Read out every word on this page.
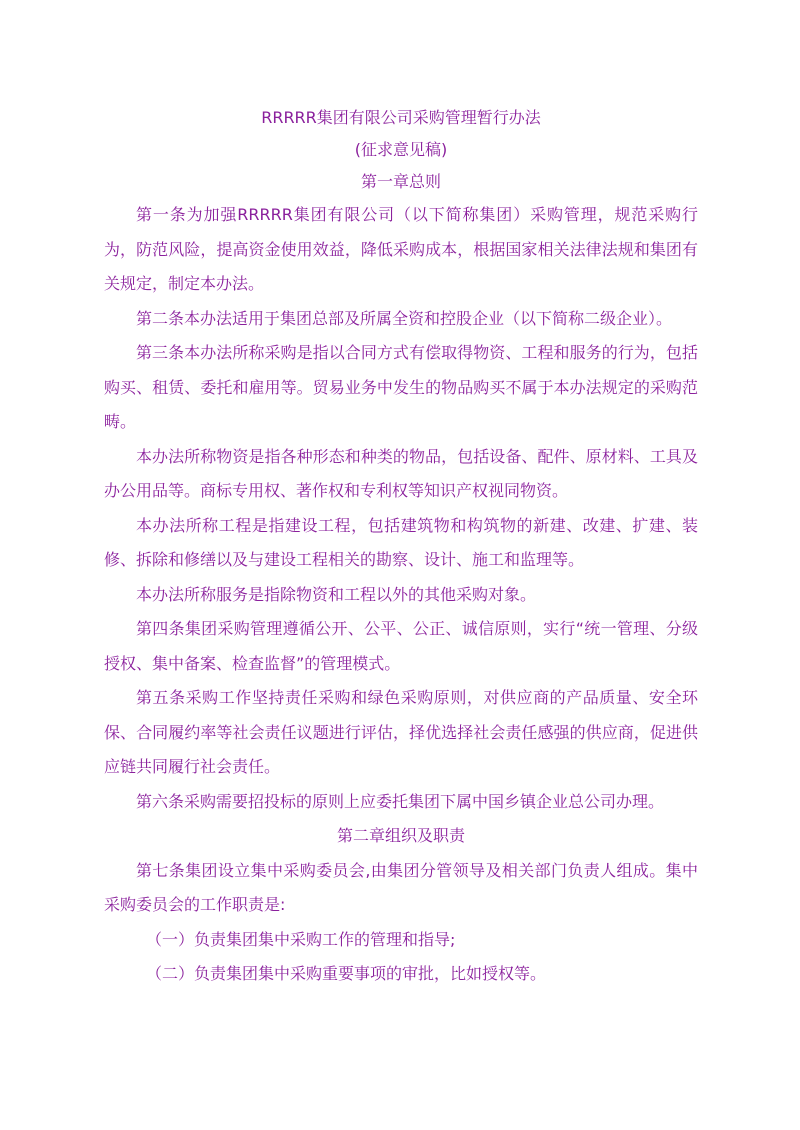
RRRRR集团有限公司采购管理暂行办法
(征求意见稿)
第一章总则

第一条为加强RRRRR集团有限公司（以下简称集团）采购管理，规范采购行为，防范风险，提高资金使用效益，降低采购成本，根据国家相关法律法规和集团有关规定，制定本办法。

第二条本办法适用于集团总部及所属全资和控股企业（以下简称二级企业）。

第三条本办法所称采购是指以合同方式有偿取得物资、工程和服务的行为，包括购买、租赁、委托和雇用等。贸易业务中发生的物品购买不属于本办法规定的采购范畴。

本办法所称物资是指各种形态和种类的物品，包括设备、配件、原材料、工具及办公用品等。商标专用权、著作权和专利权等知识产权视同物资。

本办法所称工程是指建设工程，包括建筑物和构筑物的新建、改建、扩建、装修、拆除和修缮以及与建设工程相关的勘察、设计、施工和监理等。

本办法所称服务是指除物资和工程以外的其他采购对象。

第四条集团采购管理遵循公开、公平、公正、诚信原则，实行“统一管理、分级授权、集中备案、检查监督”的管理模式。

第五条采购工作坚持责任采购和绿色采购原则，对供应商的产品质量、安全环保、合同履约率等社会责任议题进行评估，择优选择社会责任感强的供应商，促进供应链共同履行社会责任。

第六条采购需要招投标的原则上应委托集团下属中国乡镇企业总公司办理。

第二章组织及职责

第七条集团设立集中采购委员会,由集团分管领导及相关部门负责人组成。集中采购委员会的工作职责是:

（一）负责集团集中采购工作的管理和指导;

（二）负责集团集中采购重要事项的审批，比如授权等。
